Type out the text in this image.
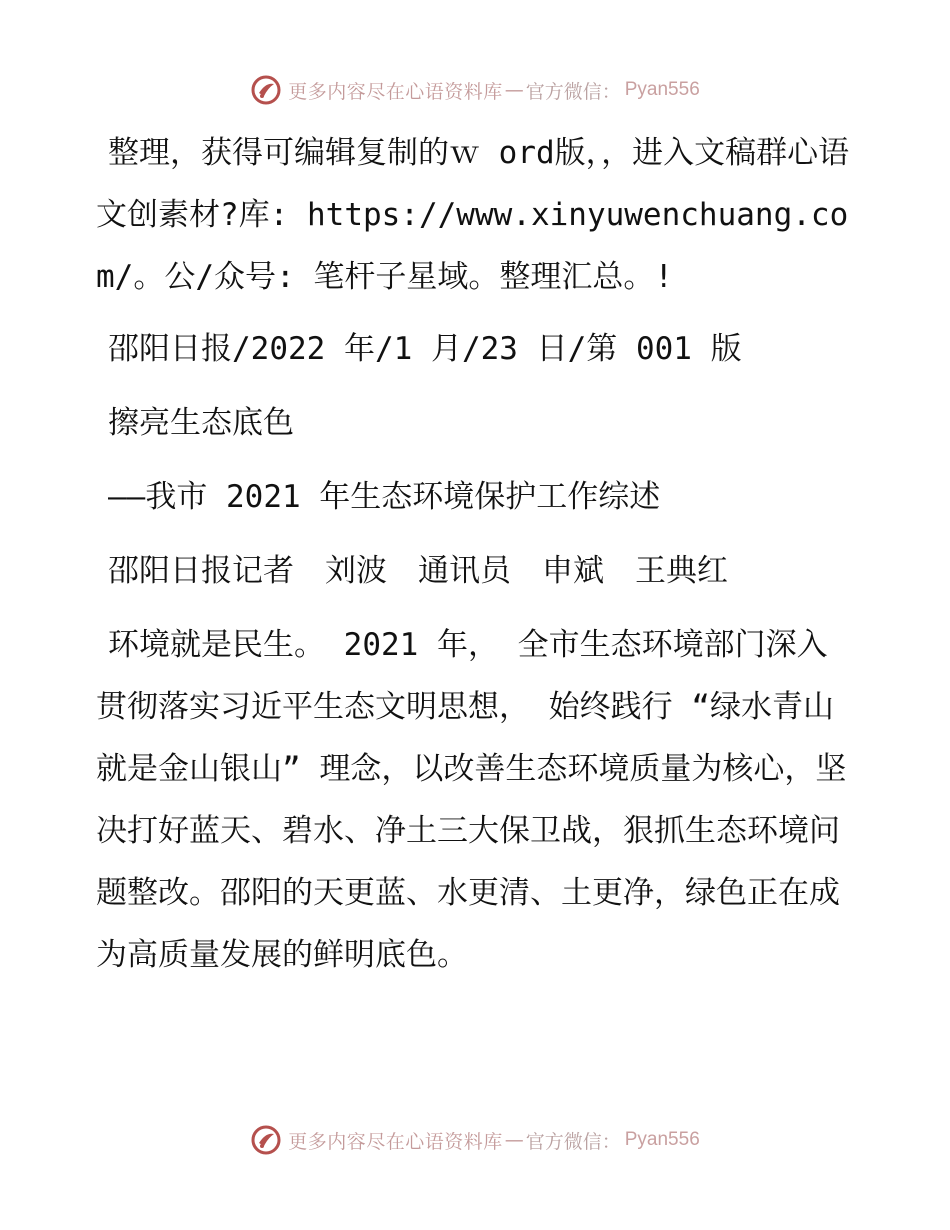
更多内容尽在心语资料库 — 官方微信： Pyan556

整理，获得可编辑复制的ｗ ord版，，进入文稿群心语文创素材?库: https://www.xinyuwenchuang.com/。公/众号: 笔杆子星域。整理汇总。!

邵阳日报/2022 年/1 月/23 日/第 001 版

擦亮生态底色

——我市 2021 年生态环境保护工作综述

邵阳日报记者　刘波　通讯员　申斌　王典红

环境就是民生。 2021 年， 全市生态环境部门深入贯彻落实习近平生态文明思想， 始终践行 “绿水青山就是金山银山” 理念，以改善生态环境质量为核心，坚决打好蓝天、碧水、净土三大保卫战，狠抓生态环境问题整改。邵阳的天更蓝、水更清、土更净，绿色正在成为高质量发展的鲜明底色。

更多内容尽在心语资料库 — 官方微信： Pyan556
